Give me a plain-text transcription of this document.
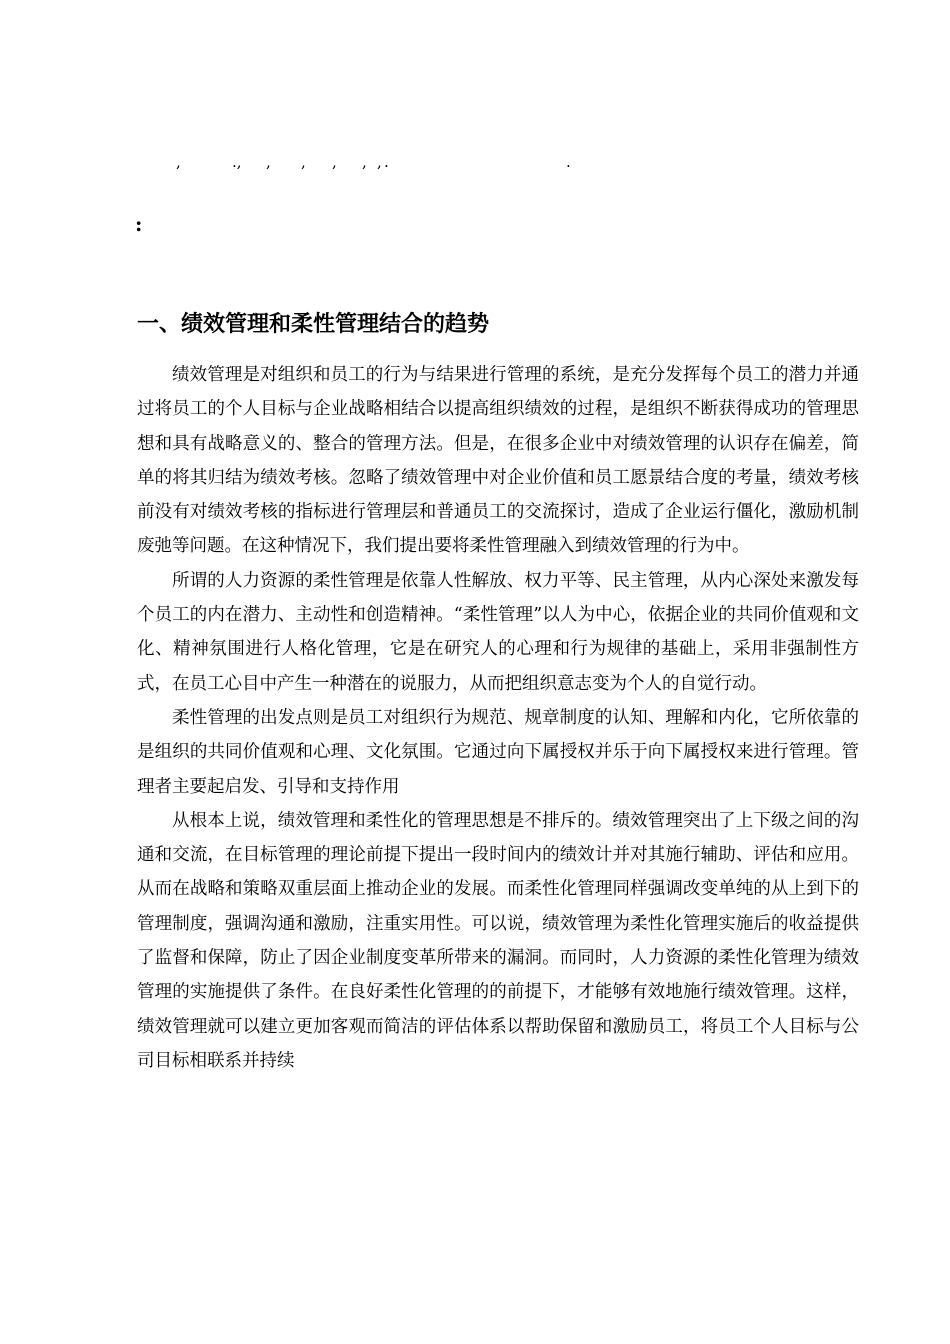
,	., , , , , , .	.
:
一、绩效管理和柔性管理结合的趋势

绩效管理是对组织和员工的行为与结果进行管理的系统，是充分发挥每个员工的潜力并通过将员工的个人目标与企业战略相结合以提高组织绩效的过程，是组织不断获得成功的管理思想和具有战略意义的、整合的管理方法。但是，在很多企业中对绩效管理的认识存在偏差，简单的将其归结为绩效考核。忽略了绩效管理中对企业价值和员工愿景结合度的考量，绩效考核前没有对绩效考核的指标进行管理层和普通员工的交流探讨，造成了企业运行僵化，激励机制废弛等问题。在这种情况下，我们提出要将柔性管理融入到绩效管理的行为中。

所谓的人力资源的柔性管理是依靠人性解放、权力平等、民主管理，从内心深处来激发每个员工的内在潜力、主动性和创造精神。“柔性管理”以人为中心，依据企业的共同价值观和文化、精神氛围进行人格化管理，它是在研究人的心理和行为规律的基础上，采用非强制性方式，在员工心目中产生一种潜在的说服力，从而把组织意志变为个人的自觉行动。

柔性管理的出发点则是员工对组织行为规范、规章制度的认知、理解和内化，它所依靠的是组织的共同价值观和心理、文化氛围。它通过向下属授权并乐于向下属授权来进行管理。管理者主要起启发、引导和支持作用

从根本上说，绩效管理和柔性化的管理思想是不排斥的。绩效管理突出了上下级之间的沟通和交流，在目标管理的理论前提下提出一段时间内的绩效计并对其施行辅助、评估和应用。从而在战略和策略双重层面上推动企业的发展。而柔性化管理同样强调改变单纯的从上到下的管理制度，强调沟通和激励，注重实用性。可以说，绩效管理为柔性化管理实施后的收益提供了监督和保障，防止了因企业制度变革所带来的漏洞。而同时，人力资源的柔性化管理为绩效管理的实施提供了条件。在良好柔性化管理的的前提下，才能够有效地施行绩效管理。这样，绩效管理就可以建立更加客观而简洁的评估体系以帮助保留和激励员工，将员工个人目标与公司目标相联系并持续
